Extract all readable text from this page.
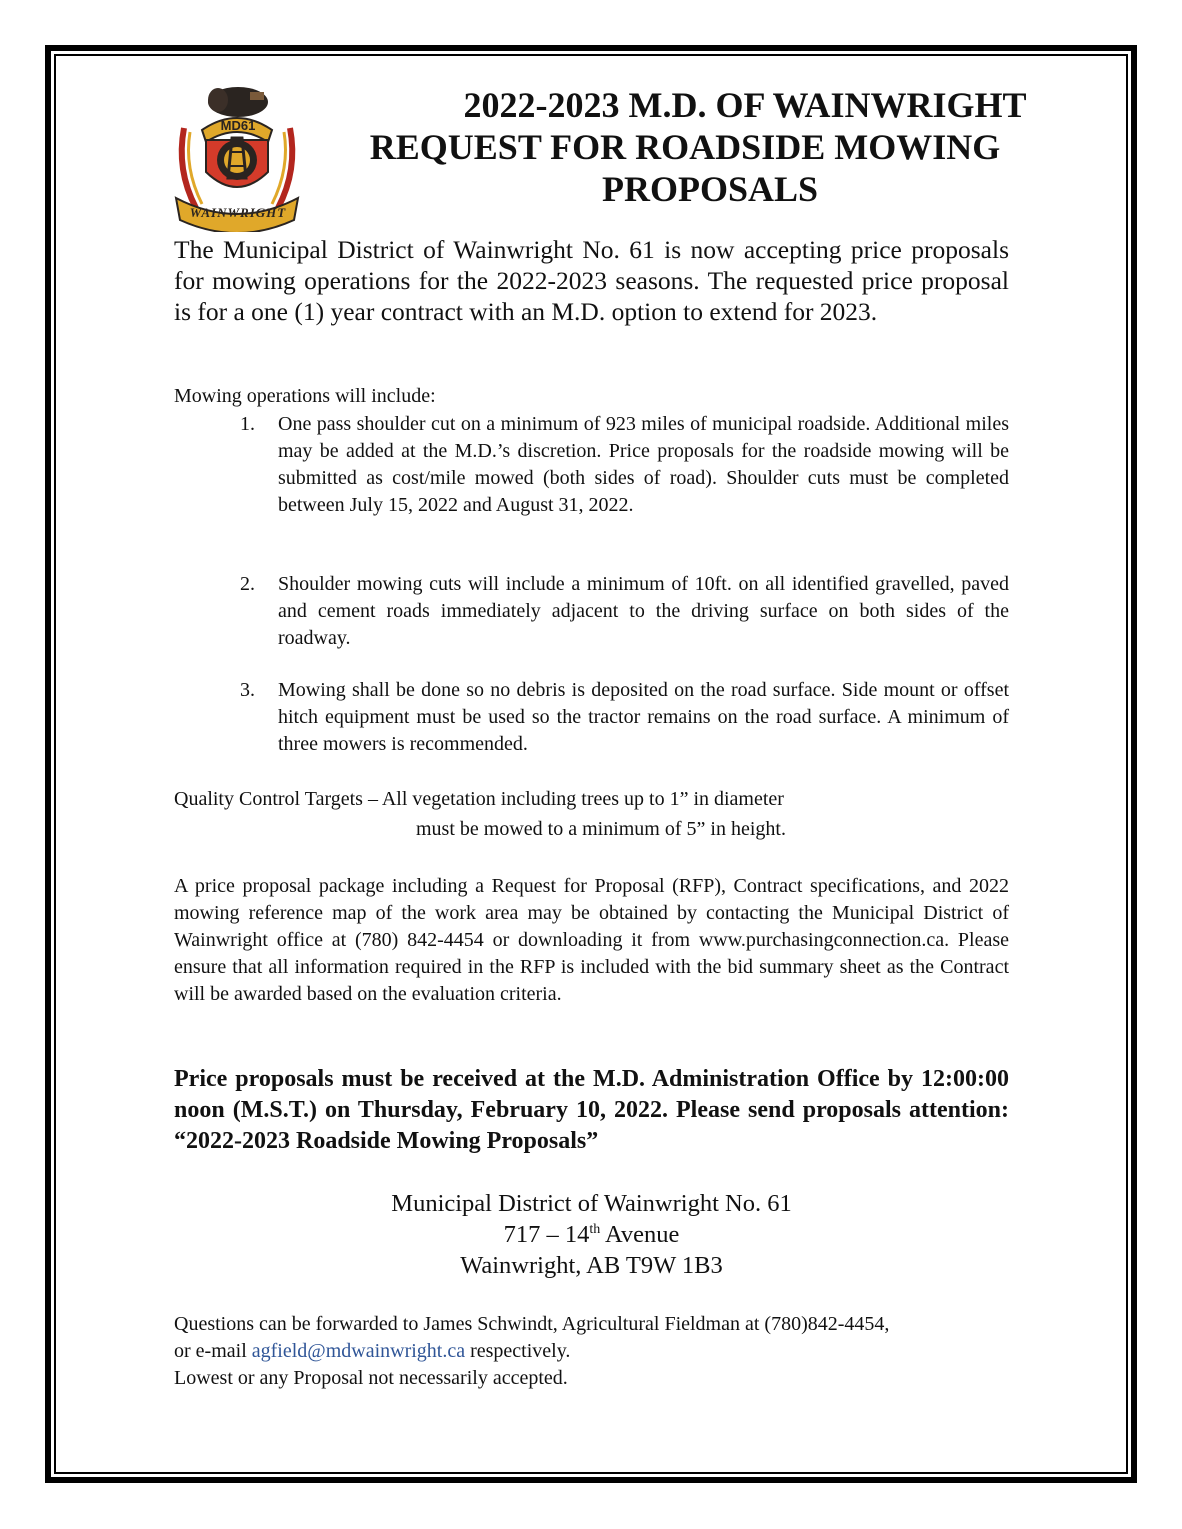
MD61
WAINWRIGHT
2022-2023 M.D. OF WAINWRIGHT
REQUEST FOR ROADSIDE MOWING
PROPOSALS
The Municipal District of Wainwright No. 61 is now accepting price proposals for mowing operations for the 2022-2023 seasons. The requested price proposal is for a one (1) year contract with an M.D. option to extend for 2023.
Mowing operations will include:
1.	One pass shoulder cut on a minimum of 923 miles of municipal roadside. Additional miles may be added at the M.D.’s discretion. Price proposals for the roadside mowing will be submitted as cost/mile mowed (both sides of road). Shoulder cuts must be completed between July 15, 2022 and August 31, 2022.
2.	Shoulder mowing cuts will include a minimum of 10ft. on all identified gravelled, paved and cement roads immediately adjacent to the driving surface on both sides of the roadway.
3.	Mowing shall be done so no debris is deposited on the road surface. Side mount or offset hitch equipment must be used so the tractor remains on the road surface. A minimum of three mowers is recommended.
Quality Control Targets – All vegetation including trees up to 1” in diameter
must be mowed to a minimum of 5” in height.
A price proposal package including a Request for Proposal (RFP), Contract specifications, and 2022 mowing reference map of the work area may be obtained by contacting the Municipal District of Wainwright office at (780) 842-4454 or downloading it from www.purchasingconnection.ca. Please ensure that all information required in the RFP is included with the bid summary sheet as the Contract will be awarded based on the evaluation criteria.
Price proposals must be received at the M.D. Administration Office by 12:00:00 noon (M.S.T.) on Thursday, February 10, 2022. Please send proposals attention: “2022-2023 Roadside Mowing Proposals”
Municipal District of Wainwright No. 61
717 – 14th Avenue
Wainwright, AB T9W 1B3
Questions can be forwarded to James Schwindt, Agricultural Fieldman at (780)842-4454,
or e-mail agfield@mdwainwright.ca respectively.
Lowest or any Proposal not necessarily accepted.
